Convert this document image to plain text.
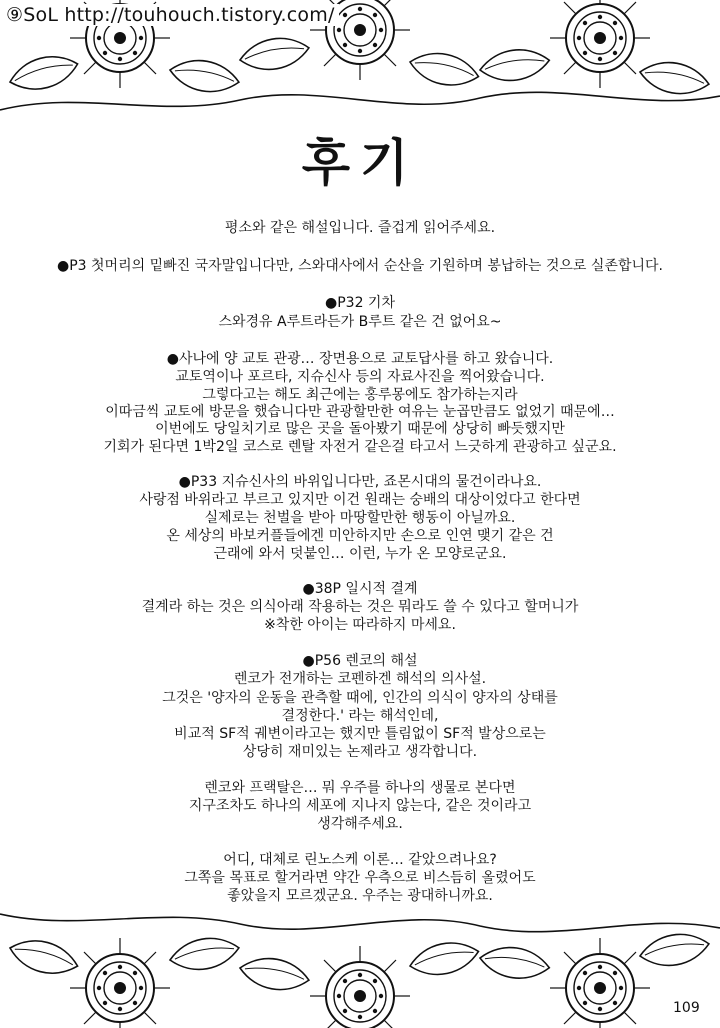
⑨SoL http://touhouch.tistory.com/
후기
평소와 같은 해설입니다. 즐겁게 읽어주세요.
●P3 첫머리의 밑빠진 국자말입니다만, 스와대사에서 순산을 기원하며 봉납하는 것으로 실존합니다.
●P32 기차
스와경유 A루트라든가 B루트 같은 건 없어요~
●사나에 양 교토 관광… 장면용으로 교토답사를 하고 왔습니다.
교토역이나 포르타, 지슈신사 등의 자료사진을 찍어왔습니다.
그렇다고는 해도 최근에는 홍루몽에도 참가하는지라
이따금씩 교토에 방문을 했습니다만 관광할만한 여유는 눈곱만큼도 없었기 때문에…
이번에도 당일치기로 많은 곳을 돌아봤기 때문에 상당히 빠듯했지만
기회가 된다면 1박2일 코스로 렌탈 자전거 같은걸 타고서 느긋하게 관광하고 싶군요.
●P33 지슈신사의 바위입니다만, 죠몬시대의 물건이라나요.
사랑점 바위라고 부르고 있지만 이건 원래는 숭배의 대상이었다고 한다면
실제로는 천벌을 받아 마땅할만한 행동이 아닐까요.
온 세상의 바보커플들에겐 미안하지만 손으로 인연 맺기 같은 건
근래에 와서 덧붙인… 이런, 누가 온 모양로군요.
●38P 일시적 결계
결계라 하는 것은 의식아래 작용하는 것은 뭐라도 쓸 수 있다고 할머니가
※착한 아이는 따라하지 마세요.
●P56 렌코의 해설
렌코가 전개하는 코펜하겐 해석의 의사설.
그것은 '양자의 운동을 관측할 때에, 인간의 의식이 양자의 상태를
결정한다.' 라는 해석인데,
비교적 SF적 궤변이라고는 했지만 틀림없이 SF적 발상으로는
상당히 재미있는 논제라고 생각합니다.
렌코와 프랙탈은… 뭐 우주를 하나의 생물로 본다면
지구조차도 하나의 세포에 지나지 않는다, 같은 것이라고
생각해주세요.
어디, 대체로 린노스케 이론… 같았으려나요?
그쪽을 목표로 할거라면 약간 우측으로 비스듬히 올렸어도
좋았을지 모르겠군요. 우주는 광대하니까요.
109
